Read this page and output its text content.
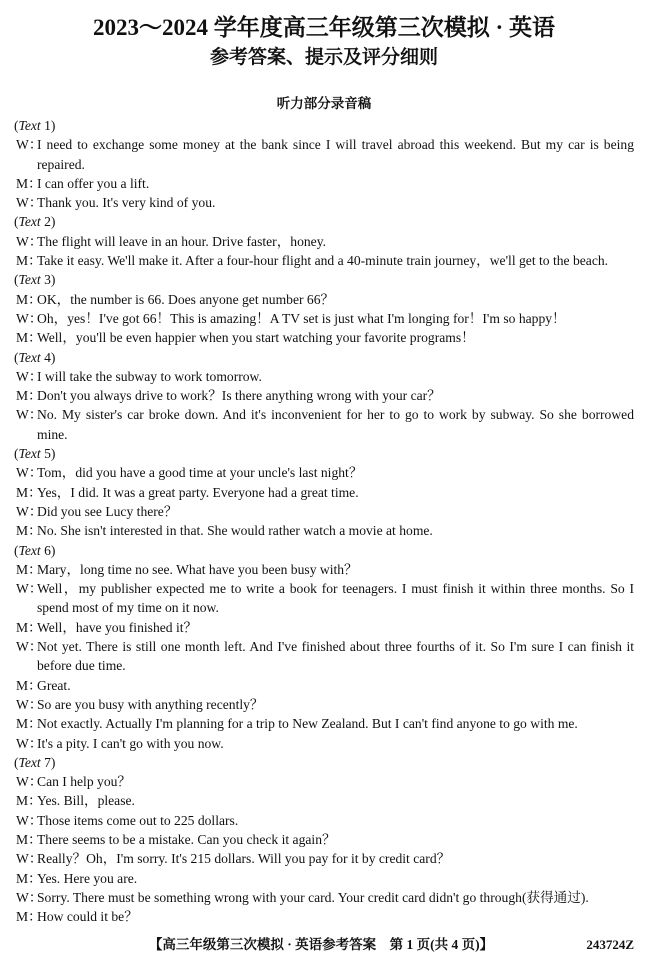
2023～2024 学年度高三年级第三次模拟 · 英语
参考答案、提示及评分细则
听力部分录音稿
(Text 1)
W：
I need to exchange some money at the bank since I will travel abroad this weekend. But my car is being repaired.
M：
I can offer you a lift.
W：
Thank you. It's very kind of you.
(Text 2)
W：
The flight will leave in an hour. Drive faster，honey.
M：
Take it easy. We'll make it. After a four-hour flight and a 40-minute train journey，we'll get to the beach.
(Text 3)
M：
OK，the number is 66. Does anyone get number 66？
W：
Oh，yes！I've got 66！This is amazing！A TV set is just what I'm longing for！I'm so happy！
M：
Well，you'll be even happier when you start watching your favorite programs！
(Text 4)
W：
I will take the subway to work tomorrow.
M：
Don't you always drive to work？Is there anything wrong with your car？
W：
No. My sister's car broke down. And it's inconvenient for her to go to work by subway. So she borrowed mine.
(Text 5)
W：
Tom，did you have a good time at your uncle's last night？
M：
Yes，I did. It was a great party. Everyone had a great time.
W：
Did you see Lucy there？
M：
No. She isn't interested in that. She would rather watch a movie at home.
(Text 6)
M：
Mary，long time no see. What have you been busy with？
W：
Well，my publisher expected me to write a book for teenagers. I must finish it within three months. So I spend most of my time on it now.
M：
Well，have you finished it？
W：
Not yet. There is still one month left. And I've finished about three fourths of it. So I'm sure I can finish it before due time.
M：
Great.
W：
So are you busy with anything recently？
M：
Not exactly. Actually I'm planning for a trip to New Zealand. But I can't find anyone to go with me.
W：
It's a pity. I can't go with you now.
(Text 7)
W：
Can I help you？
M：
Yes. Bill，please.
W：
Those items come out to 225 dollars.
M：
There seems to be a mistake. Can you check it again？
W：
Really？Oh，I'm sorry. It's 215 dollars. Will you pay for it by credit card？
M：
Yes. Here you are.
W：
Sorry. There must be something wrong with your card. Your credit card didn't go through(获得通过).
M：
How could it be？
【高三年级第三次模拟 · 英语参考答案　第 1 页(共 4 页)】	243724Z
